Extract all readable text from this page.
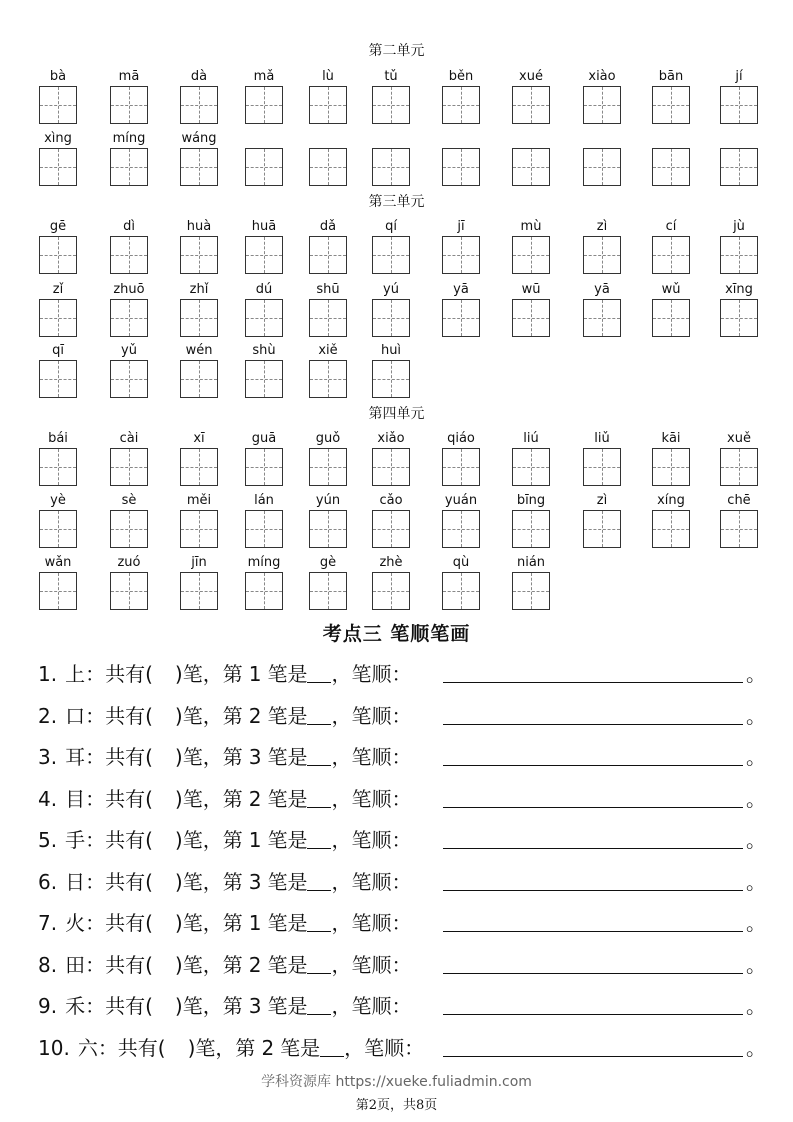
第二单元
bà	mā	dà	mǎ	lù	tǔ	běn	xué	xiào	bān	jí
xìng	míng	wáng
第三单元
gē	dì	huà	huā	dǎ	qí	jī	mù	zì	cí	jù
zǐ	zhuō	zhǐ	dú	shū	yú	yā	wū	yā	wǔ	xīng
qī	yǔ	wén	shù	xiě	huì
第四单元
bái	cài	xī	guā	guǒ	xiǎo	qiáo	liú	liǔ	kāi	xuě
yè	sè	měi	lán	yún	cǎo	yuán	bīng	zì	xíng	chē
wǎn	zuó	jīn	míng	gè	zhè	qù	nián
考点三 笔顺笔画
1. 上：共有( )笔，第 1 笔是 ，笔顺：	。
2. 口：共有( )笔，第 2 笔是 ，笔顺：	。
3. 耳：共有( )笔，第 3 笔是 ，笔顺：	。
4. 目：共有( )笔，第 2 笔是 ，笔顺：	。
5. 手：共有( )笔，第 1 笔是 ，笔顺：	。
6. 日：共有( )笔，第 3 笔是 ，笔顺：	。
7. 火：共有( )笔，第 1 笔是 ，笔顺：	。
8. 田：共有( )笔，第 2 笔是 ，笔顺：	。
9. 禾：共有( )笔，第 3 笔是 ，笔顺：	。
10. 六：共有( )笔，第 2 笔是 ，笔顺：	。
学科资源库 https://xueke.fuliadmin.com
第2页，共8页
